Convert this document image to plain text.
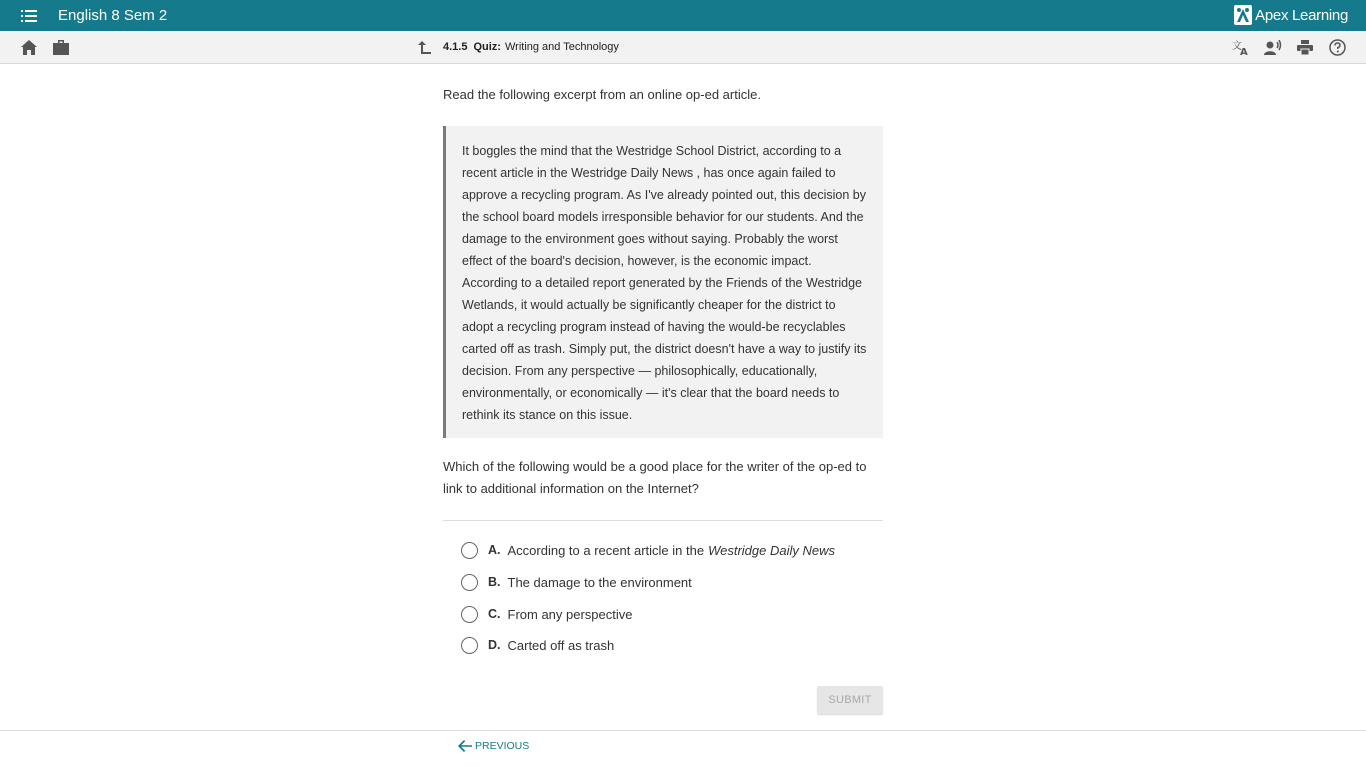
English 8 Sem 2	Apex Learning
4.1.5 Quiz: Writing and Technology	文
A

Read the following excerpt from an online op-ed article.

It boggles the mind that the Westridge School District, according to a recent article in the Westridge Daily News , has once again failed to approve a recycling program. As I've already pointed out, this decision by the school board models irresponsible behavior for our students. And the damage to the environment goes without saying. Probably the worst effect of the board's decision, however, is the economic impact. According to a detailed report generated by the Friends of the Westridge Wetlands, it would actually be significantly cheaper for the district to adopt a recycling program instead of having the would-be recyclables carted off as trash. Simply put, the district doesn't have a way to justify its decision. From any perspective — philosophically, educationally, environmentally, or economically — it's clear that the board needs to rethink its stance on this issue.

Which of the following would be a good place for the writer of the op-ed to link to additional information on the Internet?

A. According to a recent article in the Westridge Daily News
B. The damage to the environment
C. From any perspective
D. Carted off as trash
SUBMIT
PREVIOUS
